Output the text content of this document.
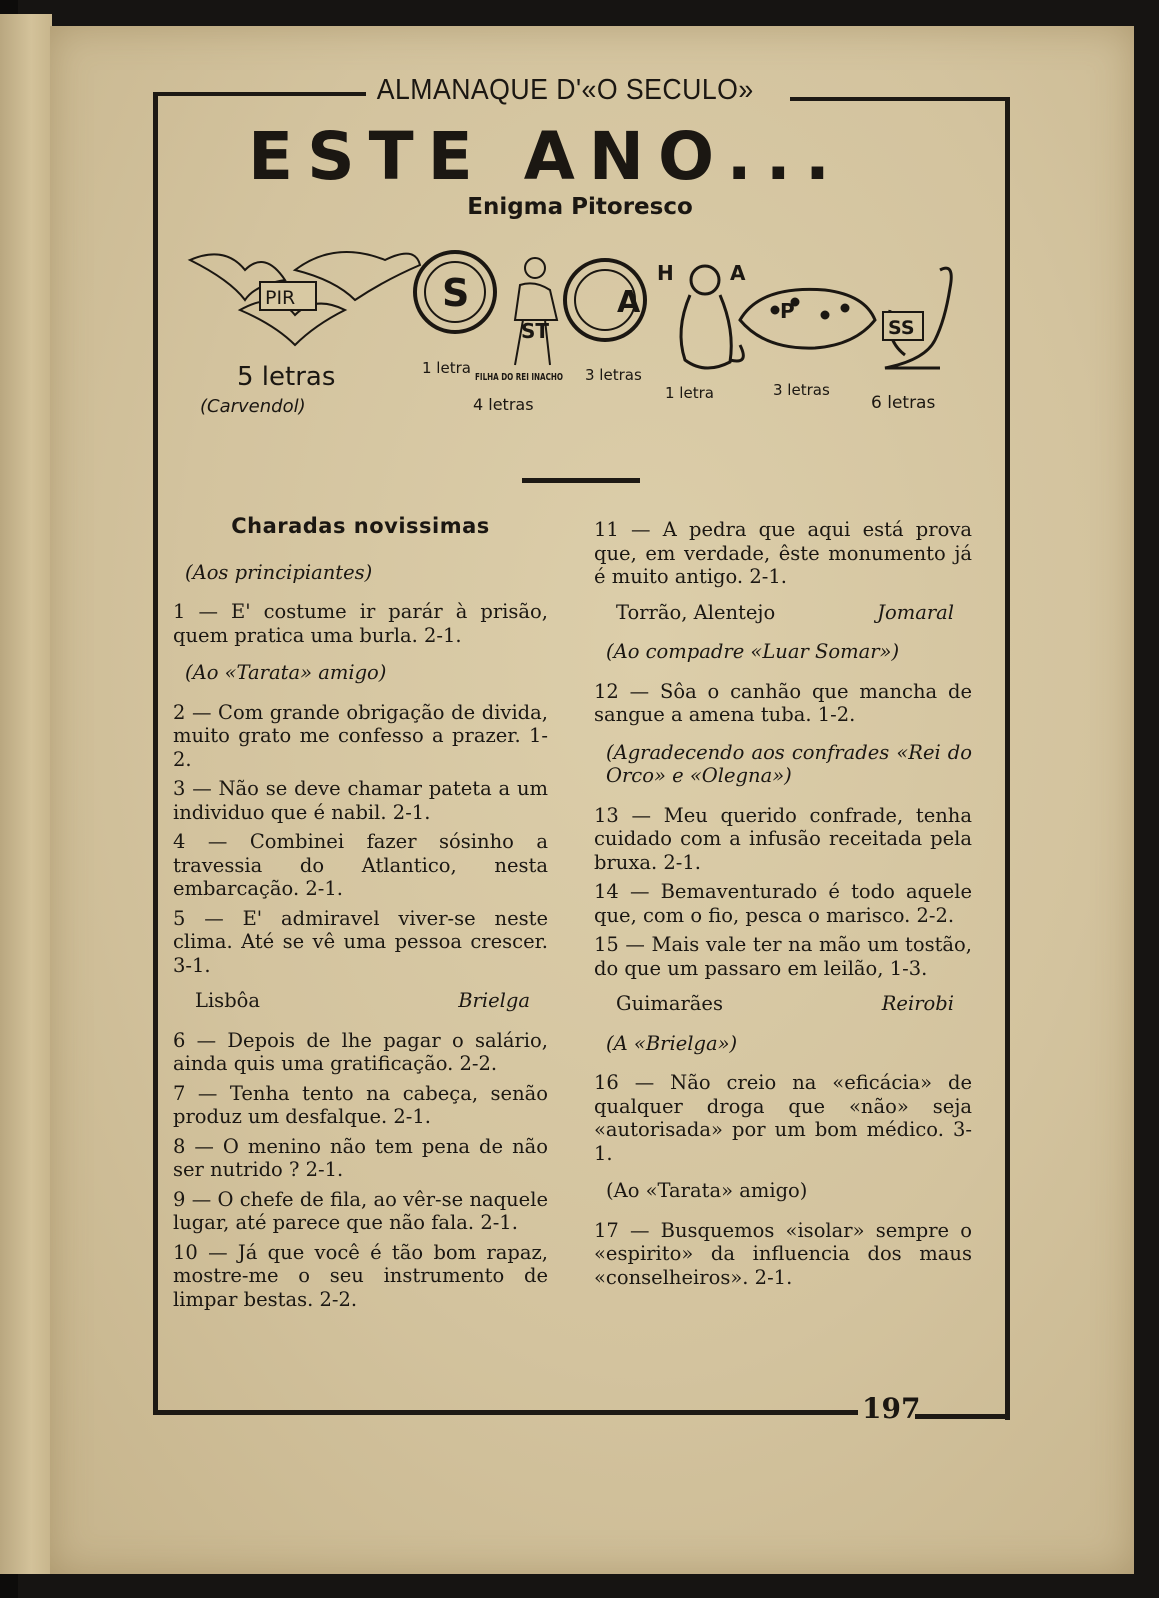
ALMANAQUE D'«O SECULO»
ESTE ANO...
Enigma Pitoresco
PIR	S
ST
A
H	A
P
SS
5 letras	1 letra
FILHA DO REI INACHO
4 letras
3 letras
1 letra	3 letras
6 letras
(Carvendol)

Charadas novissimas

(Aos principiantes)

1 — E' costume ir parár à prisão, quem pratica uma burla. 2-1.

(Ao «Tarata» amigo)

2 — Com grande obrigação de divida, muito grato me confesso a prazer. 1-2.

3 — Não se deve chamar pateta a um individuo que é nabil. 2-1.

4 — Combinei fazer sósinho a travessia do Atlantico, nesta embarcação. 2-1.

5 — E' admiravel viver-se neste clima. Até se vê uma pessoa crescer. 3-1.

Lisbôa	Brielga

6 — Depois de lhe pagar o salário, ainda quis uma gratificação. 2-2.

7 — Tenha tento na cabeça, senão produz um desfalque. 2-1.

8 — O menino não tem pena de não ser nutrido ? 2-1.

9 — O chefe de fila, ao vêr-se naquele lugar, até parece que não fala. 2-1.

10 — Já que você é tão bom rapaz, mostre-me o seu instrumento de limpar bestas. 2-2.

11 — A pedra que aqui está prova que, em verdade, êste monumento já é muito antigo. 2-1.

Torrão, Alentejo	Jomaral

(Ao compadre «Luar Somar»)

12 — Sôa o canhão que mancha de sangue a amena tuba. 1-2.

(Agradecendo aos confrades «Rei do Orco» e «Olegna»)

13 — Meu querido confrade, tenha cuidado com a infusão receitada pela bruxa. 2-1.

14 — Bemaventurado é todo aquele que, com o fio, pesca o marisco. 2-2.

15 — Mais vale ter na mão um tostão, do que um passaro em leilão, 1-3.

Guimarães	Reirobi

(A «Brielga»)

16 — Não creio na «eficácia» de qualquer droga que «não» seja «autorisada» por um bom médico. 3-1.

(Ao «Tarata» amigo)

17 — Busquemos «isolar» sempre o «espirito» da influencia dos maus «conselheiros». 2-1.

197
